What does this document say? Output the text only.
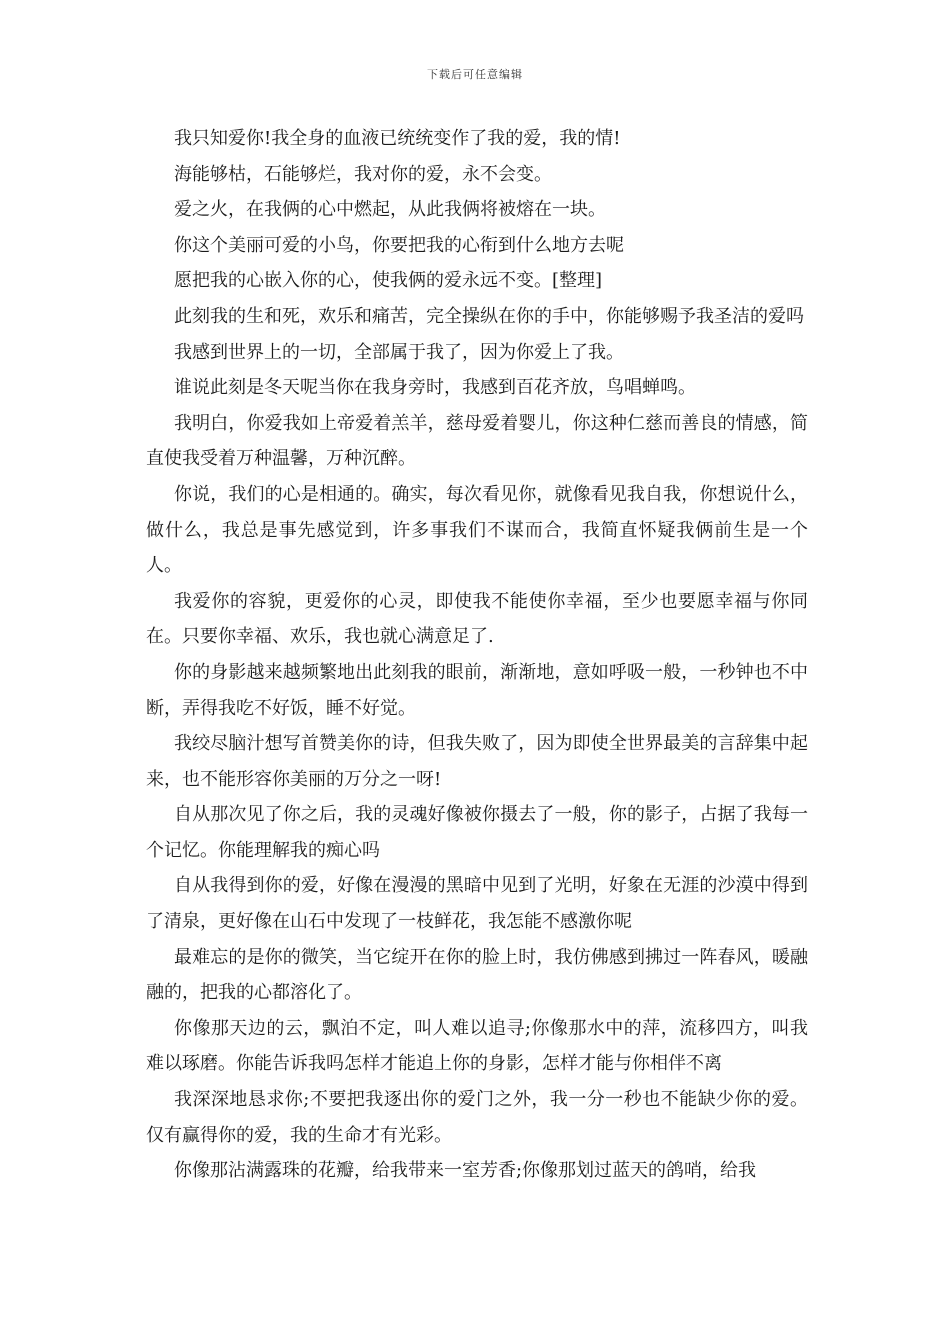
下载后可任意编辑

我只知爱你!我全身的血液已统统变作了我的爱，我的情!

海能够枯，石能够烂，我对你的爱，永不会变。

爱之火，在我俩的心中燃起，从此我俩将被熔在一块。

你这个美丽可爱的小鸟，你要把我的心衔到什么地方去呢

愿把我的心嵌入你的心，使我俩的爱永远不变。[整理]

此刻我的生和死，欢乐和痛苦，完全操纵在你的手中，你能够赐予我圣洁的爱吗

我感到世界上的一切，全部属于我了，因为你爱上了我。

谁说此刻是冬天呢当你在我身旁时，我感到百花齐放，鸟唱蝉鸣。

我明白，你爱我如上帝爱着羔羊，慈母爱着婴儿，你这种仁慈而善良的情感，简直使我受着万种温馨，万种沉醉。

你说，我们的心是相通的。确实，每次看见你，就像看见我自我，你想说什么，做什么，我总是事先感觉到，许多事我们不谋而合，我简直怀疑我俩前生是一个人。

我爱你的容貌，更爱你的心灵，即使我不能使你幸福，至少也要愿幸福与你同在。只要你幸福、欢乐，我也就心满意足了.

你的身影越来越频繁地出此刻我的眼前，渐渐地，意如呼吸一般，一秒钟也不中断，弄得我吃不好饭，睡不好觉。

我绞尽脑汁想写首赞美你的诗，但我失败了，因为即使全世界最美的言辞集中起来，也不能形容你美丽的万分之一呀!

自从那次见了你之后，我的灵魂好像被你摄去了一般，你的影子，占据了我每一个记忆。你能理解我的痴心吗

自从我得到你的爱，好像在漫漫的黑暗中见到了光明，好象在无涯的沙漠中得到了清泉，更好像在山石中发现了一枝鲜花，我怎能不感激你呢

最难忘的是你的微笑，当它绽开在你的脸上时，我仿佛感到拂过一阵春风，暖融融的，把我的心都溶化了。

你像那天边的云，飘泊不定，叫人难以追寻;你像那水中的萍，流移四方，叫我难以琢磨。你能告诉我吗怎样才能追上你的身影，怎样才能与你相伴不离

我深深地恳求你;不要把我逐出你的爱门之外，我一分一秒也不能缺少你的爱。仅有赢得你的爱，我的生命才有光彩。

你像那沾满露珠的花瓣，给我带来一室芳香;你像那划过蓝天的鸽哨，给我
